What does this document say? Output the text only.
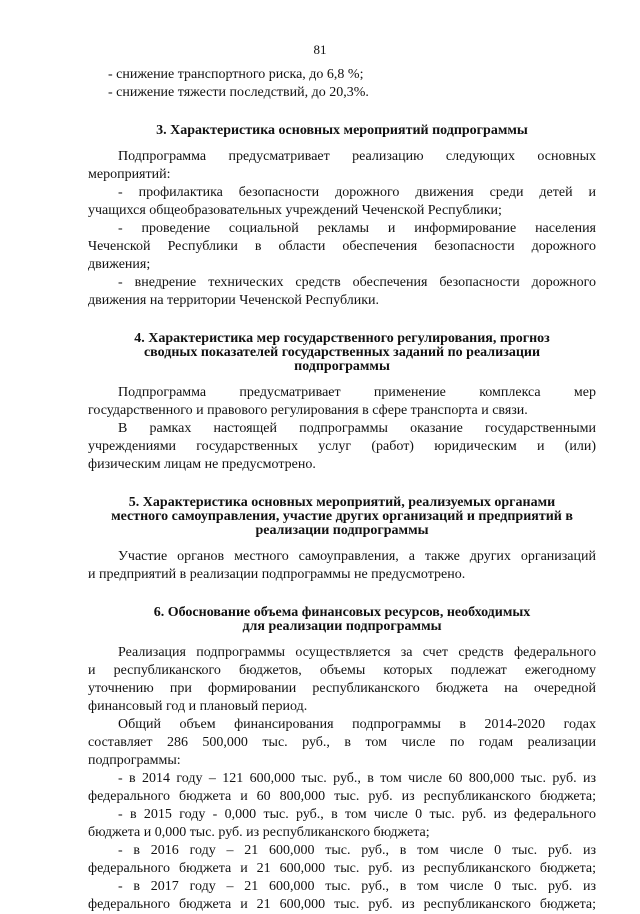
81
- снижение транспортного риска, до 6,8 %;
- снижение тяжести последствий, до 20,3%.
3. Характеристика основных мероприятий подпрограммы
Подпрограмма предусматривает реализацию следующих основных
мероприятий:
- профилактика безопасности дорожного движения среди детей и
учащихся общеобразовательных учреждений Чеченской Республики;
- проведение социальной рекламы и информирование населения
Чеченской Республики в области обеспечения безопасности дорожного
движения;
- внедрение технических средств обеспечения безопасности дорожного
движения на территории Чеченской Республики.
4. Характеристика мер государственного регулирования, прогноз
сводных показателей государственных заданий по реализации
подпрограммы
Подпрограмма предусматривает применение комплекса мер
государственного и правового регулирования в сфере транспорта и связи.
В рамках настоящей подпрограммы оказание государственными
учреждениями государственных услуг (работ) юридическим и (или)
физическим лицам не предусмотрено.
5. Характеристика основных мероприятий, реализуемых органами
местного самоуправления, участие других организаций и предприятий в
реализации подпрограммы
Участие органов местного самоуправления, а также других организаций
и предприятий в реализации подпрограммы не предусмотрено.
6. Обоснование объема финансовых ресурсов, необходимых
для реализации подпрограммы
Реализация подпрограммы осуществляется за счет средств федерального
и республиканского бюджетов, объемы которых подлежат ежегодному
уточнению при формировании республиканского бюджета на очередной
финансовый год и плановый период.
Общий объем финансирования подпрограммы в 2014-2020 годах
составляет 286 500,000 тыс. руб., в том числе по годам реализации
подпрограммы:
- в 2014 году – 121 600,000 тыс. руб., в том числе 60 800,000 тыс. руб. из
федерального бюджета и 60 800,000 тыс. руб. из республиканского бюджета;
- в 2015 году - 0,000 тыс. руб., в том числе 0 тыс. руб. из федерального
бюджета и 0,000 тыс. руб. из республиканского бюджета;
- в 2016 году – 21 600,000 тыс. руб., в том числе 0 тыс. руб. из
федерального бюджета и 21 600,000 тыс. руб. из республиканского бюджета;
- в 2017 году – 21 600,000 тыс. руб., в том числе 0 тыс. руб. из
федерального бюджета и 21 600,000 тыс. руб. из республиканского бюджета;
